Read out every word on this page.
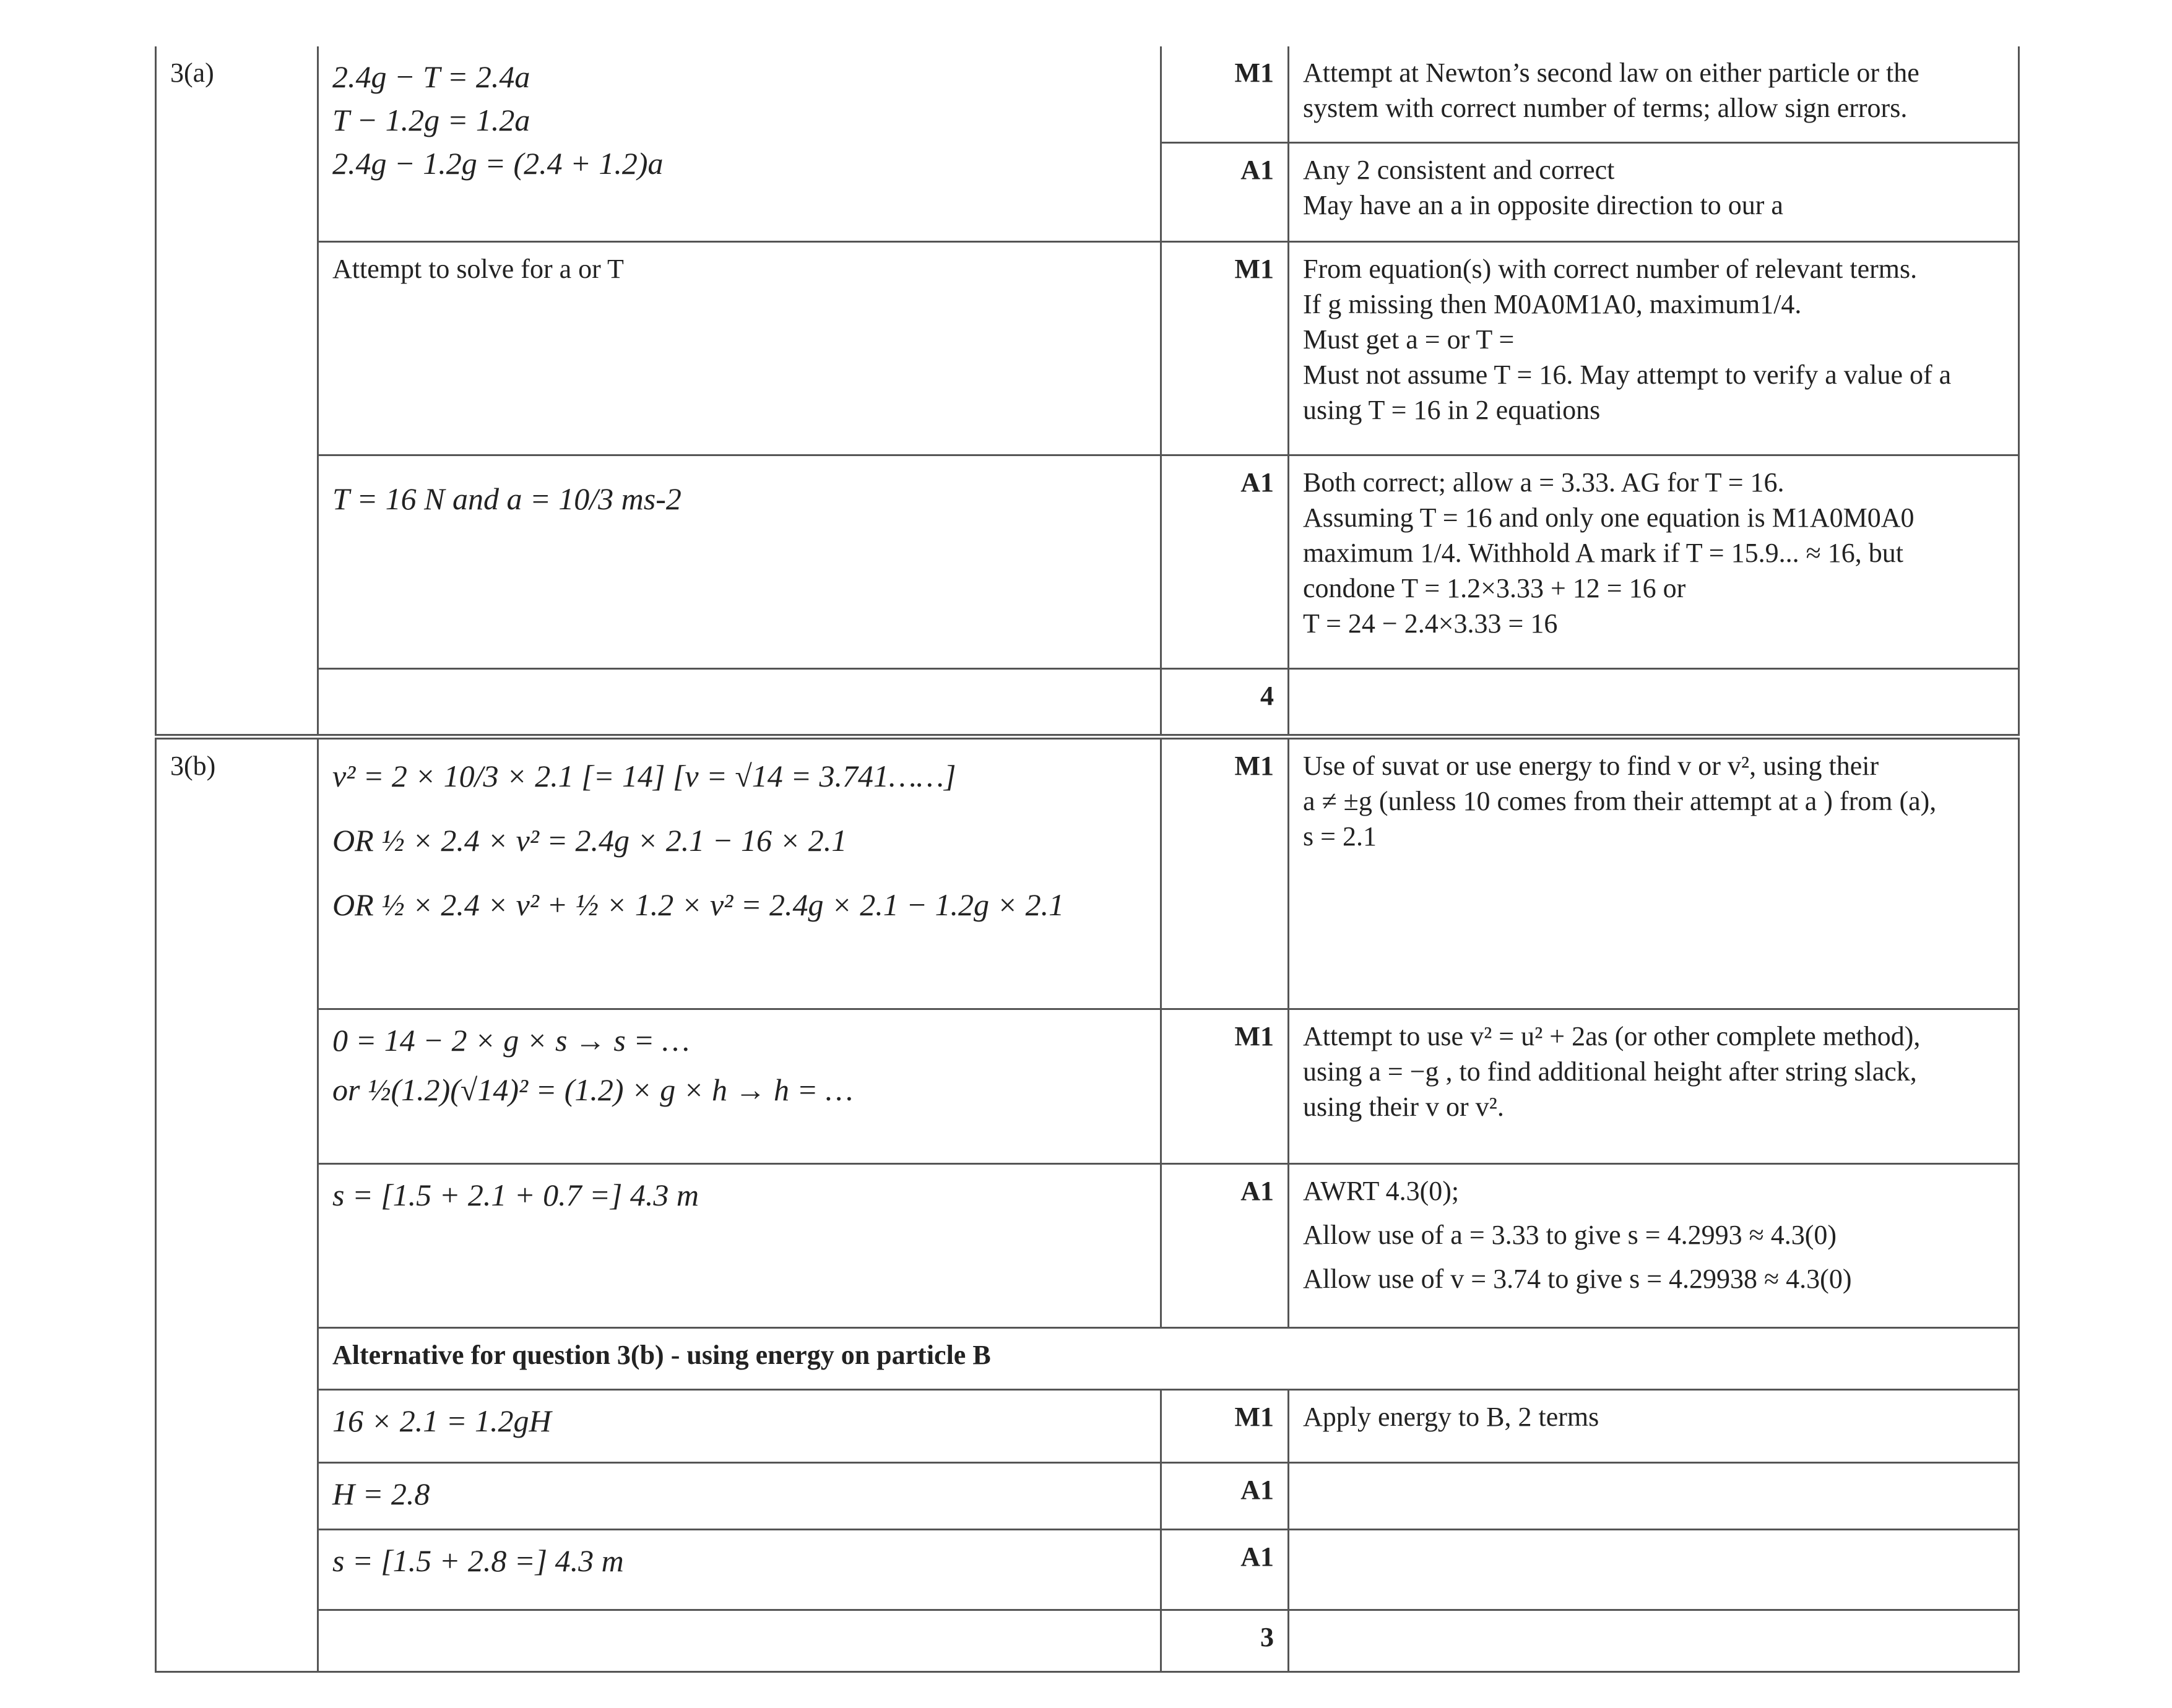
3(a)	2.4g − T = 2.4a
T − 1.2g = 1.2a
2.4g − 1.2g = (2.4 + 1.2)a	M1	Attempt at Newton’s second law on either particle or the
system with correct number of terms; allow sign errors.

		A1	Any 2 consistent and correct
May have an a in opposite direction to our a

	Attempt to solve for a or T	M1	From equation(s) with correct number of relevant terms.
If g missing then M0A0M1A0, maximum1/4.
Must get a = or T =
Must not assume T = 16. May attempt to verify a value of a
using T = 16 in 2 equations

	T = 16 N and a = 10/3 ms-2	A1	Both correct; allow a = 3.33. AG for T = 16.
Assuming T = 16 and only one equation is M1A0M0A0
maximum 1/4. Withhold A mark if T = 15.9... ≈ 16, but
condone T = 1.2×3.33 + 12 = 16 or
T = 24 − 2.4×3.33 = 16

		4	
3(b)	v² = 2 × 10/3 × 2.1 [= 14] [v = √14 = 3.741……]
OR ½ × 2.4 × v² = 2.4g × 2.1 − 16 × 2.1
OR ½ × 2.4 × v² + ½ × 1.2 × v² = 2.4g × 2.1 − 1.2g × 2.1	M1	Use of suvat or use energy to find v or v², using their
a ≠ ±g (unless 10 comes from their attempt at a ) from (a),
s = 2.1

	0 = 14 − 2 × g × s → s = …
or ½(1.2)(√14)² = (1.2) × g × h → h = …	M1	Attempt to use v² = u² + 2as (or other complete method),
using a = −g , to find additional height after string slack,
using their v or v².

	s = [1.5 + 2.1 + 0.7 =] 4.3 m	A1	AWRT 4.3(0);
Allow use of a = 3.33 to give s = 4.2993 ≈ 4.3(0)
Allow use of v = 3.74 to give s = 4.29938 ≈ 4.3(0)

	Alternative for question 3(b) - using energy on particle B		
	16 × 2.1 = 1.2gH	M1	Apply energy to B, 2 terms
	H = 2.8	A1	
	s = [1.5 + 2.8 =] 4.3 m	A1	
		3	
